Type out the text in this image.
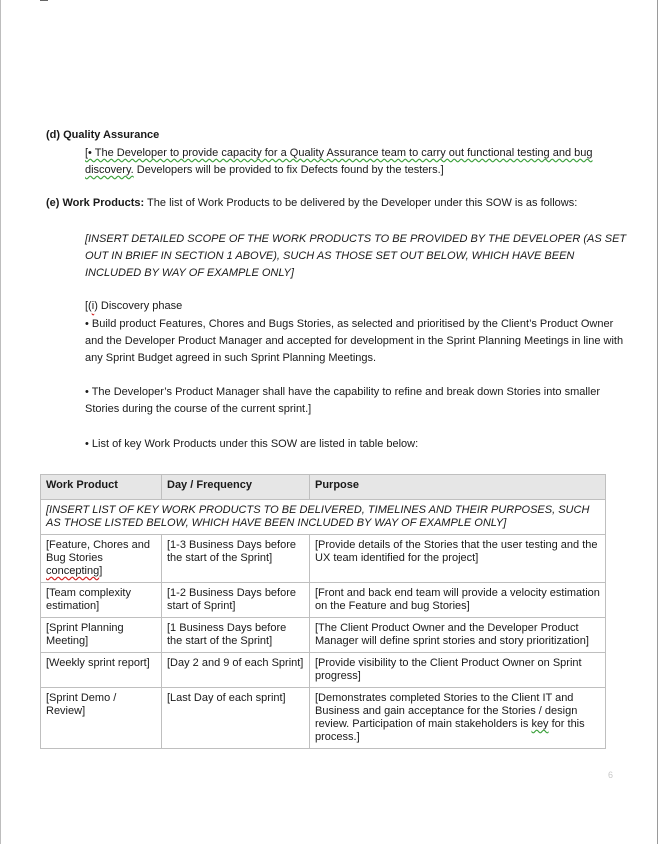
(d) Quality Assurance
[• The Developer to provide capacity for a Quality Assurance team to carry out functional testing and bug
discovery. Developers will be provided to fix Defects found by the testers.]
(e) Work Products: The list of Work Products to be delivered by the Developer under this SOW is as follows:
[INSERT DETAILED SCOPE OF THE WORK PRODUCTS TO BE PROVIDED BY THE DEVELOPER (AS SET
OUT IN BRIEF IN SECTION 1 ABOVE), SUCH AS THOSE SET OUT BELOW, WHICH HAVE BEEN
INCLUDED BY WAY OF EXAMPLE ONLY]
[(i) Discovery phase
• Build product Features, Chores and Bugs Stories, as selected and prioritised by the Client’s Product Owner
and the Developer Product Manager and accepted for development in the Sprint Planning Meetings in line with
any Sprint Budget agreed in such Sprint Planning Meetings.
• The Developer’s Product Manager shall have the capability to refine and break down Stories into smaller
Stories during the course of the current sprint.]
• List of key Work Products under this SOW are listed in table below:
Work Product	Day / Frequency	Purpose
[INSERT LIST OF KEY WORK PRODUCTS TO BE DELIVERED, TIMELINES AND THEIR PURPOSES, SUCH AS THOSE LISTED BELOW, WHICH HAVE BEEN INCLUDED BY WAY OF EXAMPLE ONLY]		
[Feature, Chores and Bug Stories concepting]	[1-3 Business Days before the start of the Sprint]	[Provide details of the Stories that the user testing and the UX team identified for the project]
[Team complexity estimation]	[1-2 Business Days before start of Sprint]	[Front and back end team will provide a velocity estimation on the Feature and bug Stories]
[Sprint Planning Meeting]	[1 Business Days before the start of the Sprint]	[The Client Product Owner and the Developer Product Manager will define sprint stories and story prioritization]
[Weekly sprint report]	[Day 2 and 9 of each Sprint]	[Provide visibility to the Client Product Owner on Sprint progress]
[Sprint Demo / Review]	[Last Day of each sprint]	[Demonstrates completed Stories to the Client IT and Business and gain acceptance for the Stories / design review. Participation of main stakeholders is key for this process.]
6
